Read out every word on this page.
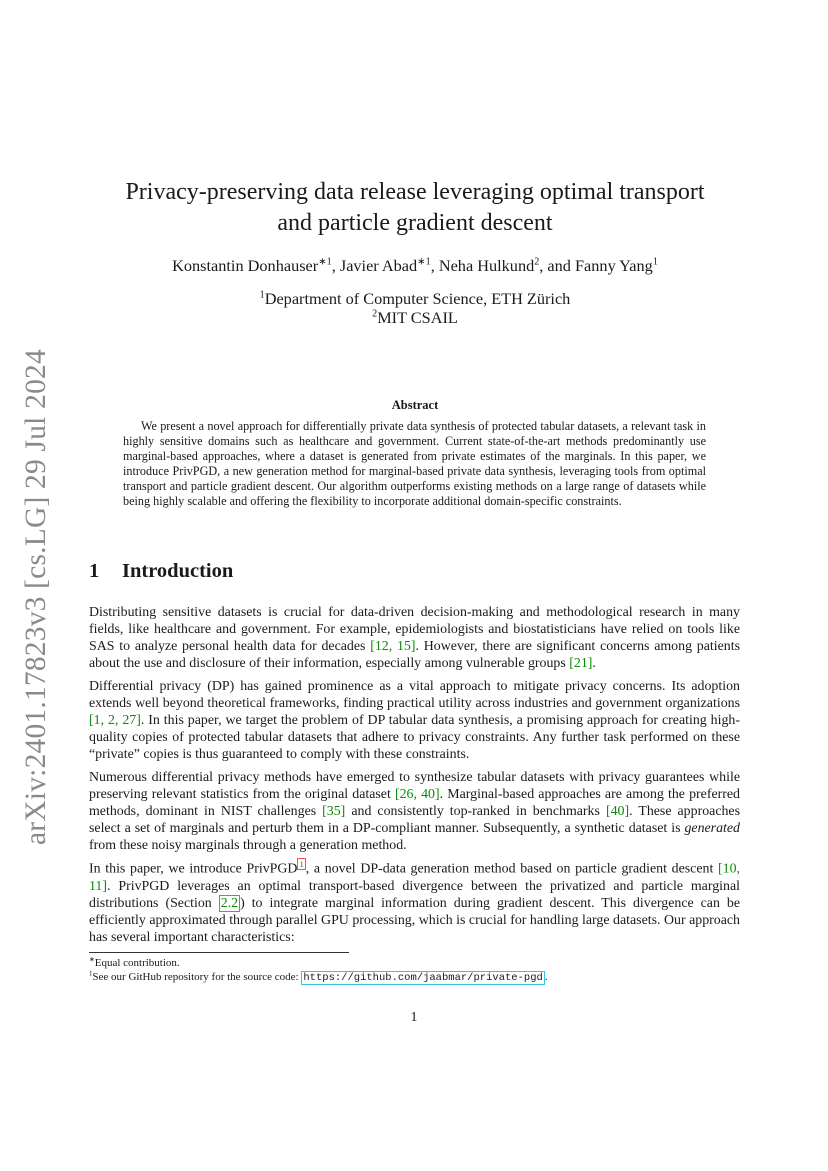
arXiv:2401.17823v3 [cs.LG] 29 Jul 2024
Privacy-preserving data release leveraging optimal transport
and particle gradient descent
Konstantin Donhauser$^{∗1}$, Javier Abad$^{∗1}$, Neha Hulkund$^2$, and Fanny Yang$^1$
$^1$Department of Computer Science, ETH Zürich
$^2$MIT CSAIL
Abstract
We present a novel approach for differentially private data synthesis of protected tabular datasets, a relevant task in highly sensitive domains such as healthcare and government. Current state-of-the-art methods predominantly use marginal-based approaches, where a dataset is generated from private estimates of the marginals. In this paper, we introduce PrivPGD, a new generation method for marginal-based private data synthesis, leveraging tools from optimal transport and particle gradient descent. Our algorithm outperforms existing methods on a large range of datasets while being highly scalable and offering the flexibility to incorporate additional domain-specific constraints.
1 Introduction

Distributing sensitive datasets is crucial for data-driven decision-making and methodological research in many fields, like healthcare and government. For example, epidemiologists and biostatisticians have relied on tools like SAS to analyze personal health data for decades [12, 15]. However, there are significant concerns among patients about the use and disclosure of their information, especially among vulnerable groups [21].

Differential privacy (DP) has gained prominence as a vital approach to mitigate privacy concerns. Its adoption extends well beyond theoretical frameworks, finding practical utility across industries and government organizations [1, 2, 27]. In this paper, we target the problem of DP tabular data synthesis, a promising approach for creating high-quality copies of protected tabular datasets that adhere to privacy constraints. Any further task performed on these “private” copies is thus guaranteed to comply with these constraints.

Numerous differential privacy methods have emerged to synthesize tabular datasets with privacy guarantees while preserving relevant statistics from the original dataset [26, 40]. Marginal-based approaches are among the preferred methods, dominant in NIST challenges [35] and consistently top-ranked in benchmarks [40]. These approaches select a set of marginals and perturb them in a DP-compliant manner. Subsequently, a synthetic dataset is generated from these noisy marginals through a generation method.

In this paper, we introduce PrivPGD $^1$ , a novel DP-data generation method based on particle gradient descent [10, 11]. PrivPGD leverages an optimal transport-based divergence between the privatized and particle marginal distributions (Section 2.2 ) to integrate marginal information during gradient descent. This divergence can be efficiently approximated through parallel GPU processing, which is crucial for handling large datasets. Our approach has several important characteristics:

∗Equal contribution.
$^1$See our GitHub repository for the source code: https://github.com/jaabmar/private-pgd .
1
